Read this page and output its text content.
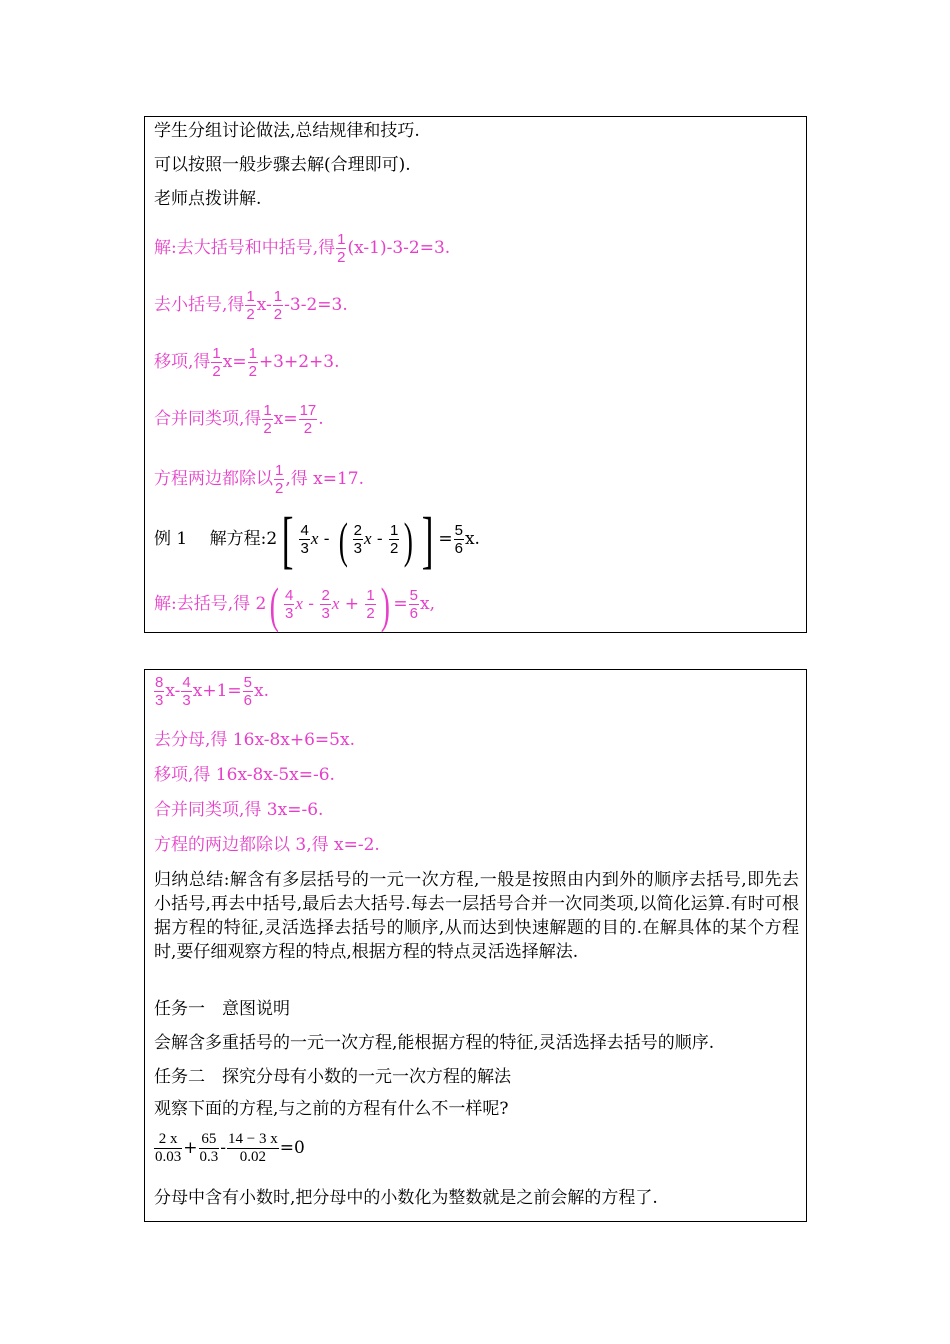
学生分组讨论做法,总结规律和技巧.
可以按照一般步骤去解(合理即可).
老师点拨讲解.
解:去大括号和中括号,得 $\frac{1}{2} (x-1)-3-2=3$.
去小括号,得 $\frac{1}{2} x- \frac{1}{2} -3-2=3$.
移项,得 $\frac{1}{2} x= \frac{1}{2} +3+2+3$.
合并同类项,得 $\frac{1}{2} x= \frac{17}{2}$ .
方程两边都除以 $\frac{1}{2}$ ,得 x=17.
例 1　 解方程:2[ $\frac{4}{3}$ x - ( $\frac{2}{3}$ x - $\frac{1}{2}$ ) ] = $\frac{5}{6} x$.
解:去括号,得 $2( \frac{4}{3}$ x - $\frac{2}{3}$ $x + \frac{1}{2}$ ) = $\frac{5}{6} x$,
$\frac{8}{3} x- \frac{4}{3} x+1= \frac{5}{6} x$.
去分母,得 16x-8x+6=5x.
移项,得 16x-8x-5x=-6.
合并同类项,得 3x=-6.
方程的两边都除以 3,得 x=-2.
归纳总结:解含有多层括号的一元一次方程,一般是按照由内到外的顺序去括号,即先去小括号,再去中括号,最后去大括号.每去一层括号合并一次同类项,以简化运算.有时可根据方程的特征,灵活选择去括号的顺序,从而达到快速解题的目的.在解具体的某个方程时,要仔细观察方程的特点,根据方程的特点灵活选择解法.
任务一　意图说明
会解含多重括号的一元一次方程,能根据方程的特征,灵活选择去括号的顺序.
任务二　探究分母有小数的一元一次方程的解法
观察下面的方程,与之前的方程有什么不一样呢?
$\frac{2 x}{0.03} + \frac{65}{0.3} - \frac{14 - 3 x}{0.02} =0$
分母中含有小数时,把分母中的小数化为整数就是之前会解的方程了.
